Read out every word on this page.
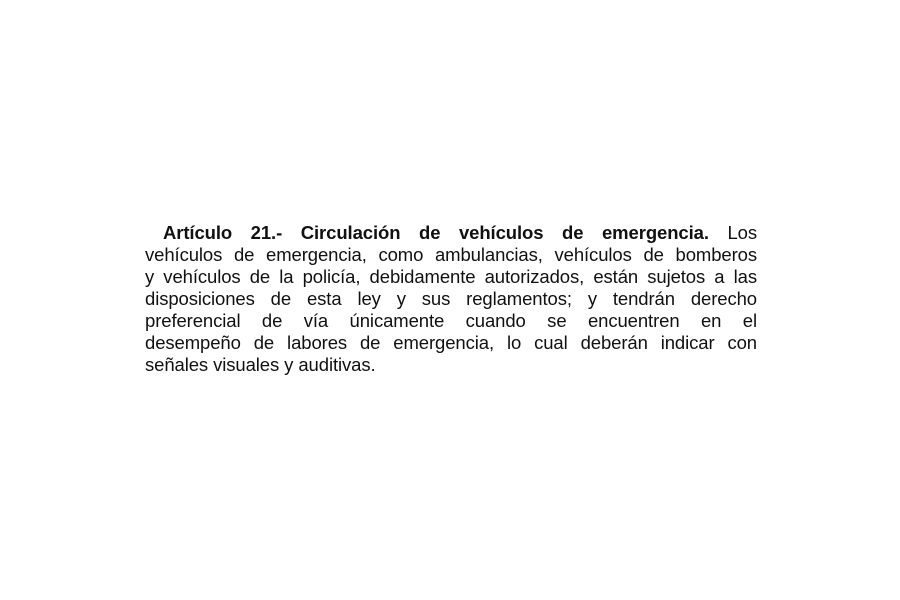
Artículo 21.- Circulación de vehículos de emergencia. Los
vehículos de emergencia, como ambulancias, vehículos de bomberos
y vehículos de la policía, debidamente autorizados, están sujetos a las
disposiciones de esta ley y sus reglamentos; y tendrán derecho
preferencial de vía únicamente cuando se encuentren en el
desempeño de labores de emergencia, lo cual deberán indicar con
señales visuales y auditivas.
